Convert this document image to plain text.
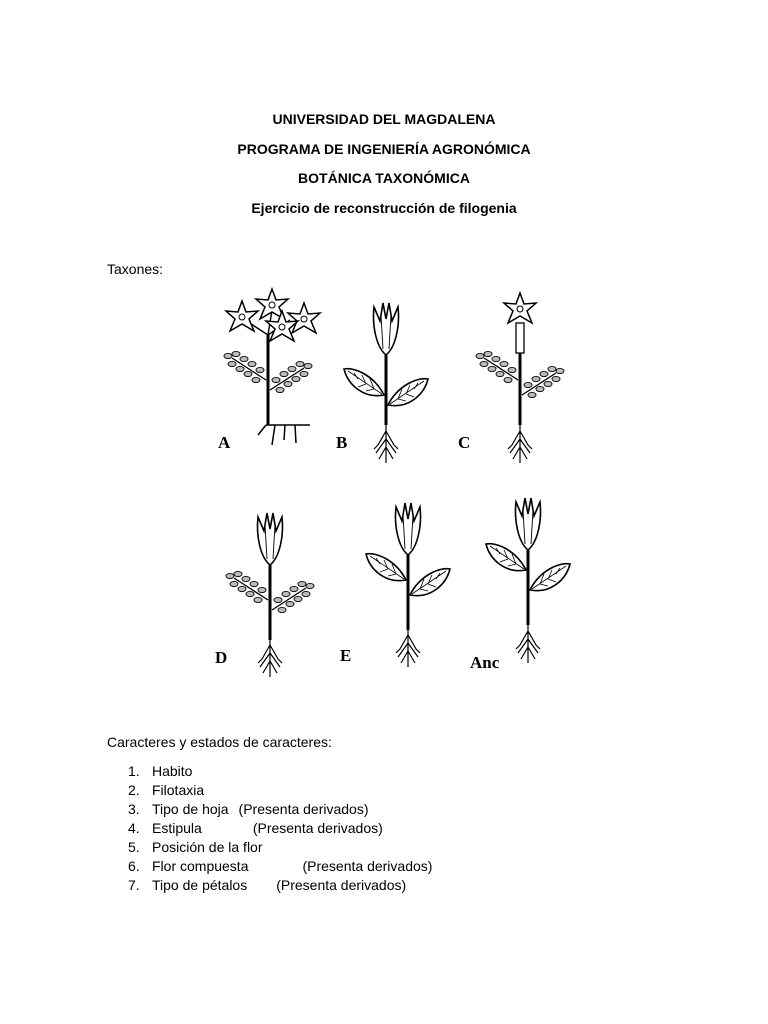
UNIVERSIDAD DEL MAGDALENA
PROGRAMA DE INGENIERÍA AGRONÓMICA
BOTÁNICA TAXONÓMICA
Ejercicio de reconstrucción de filogenia
Taxones:
A	B	C
D	E	Anc
Caracteres y estados de caracteres:
1. Habito
2. Filotaxia
3. Tipo de hoja (Presenta derivados)
4. Estipula	(Presenta derivados)
5. Posición de la flor
6. Flor compuesta	(Presenta derivados)
7. Tipo de pétalos (Presenta derivados)
